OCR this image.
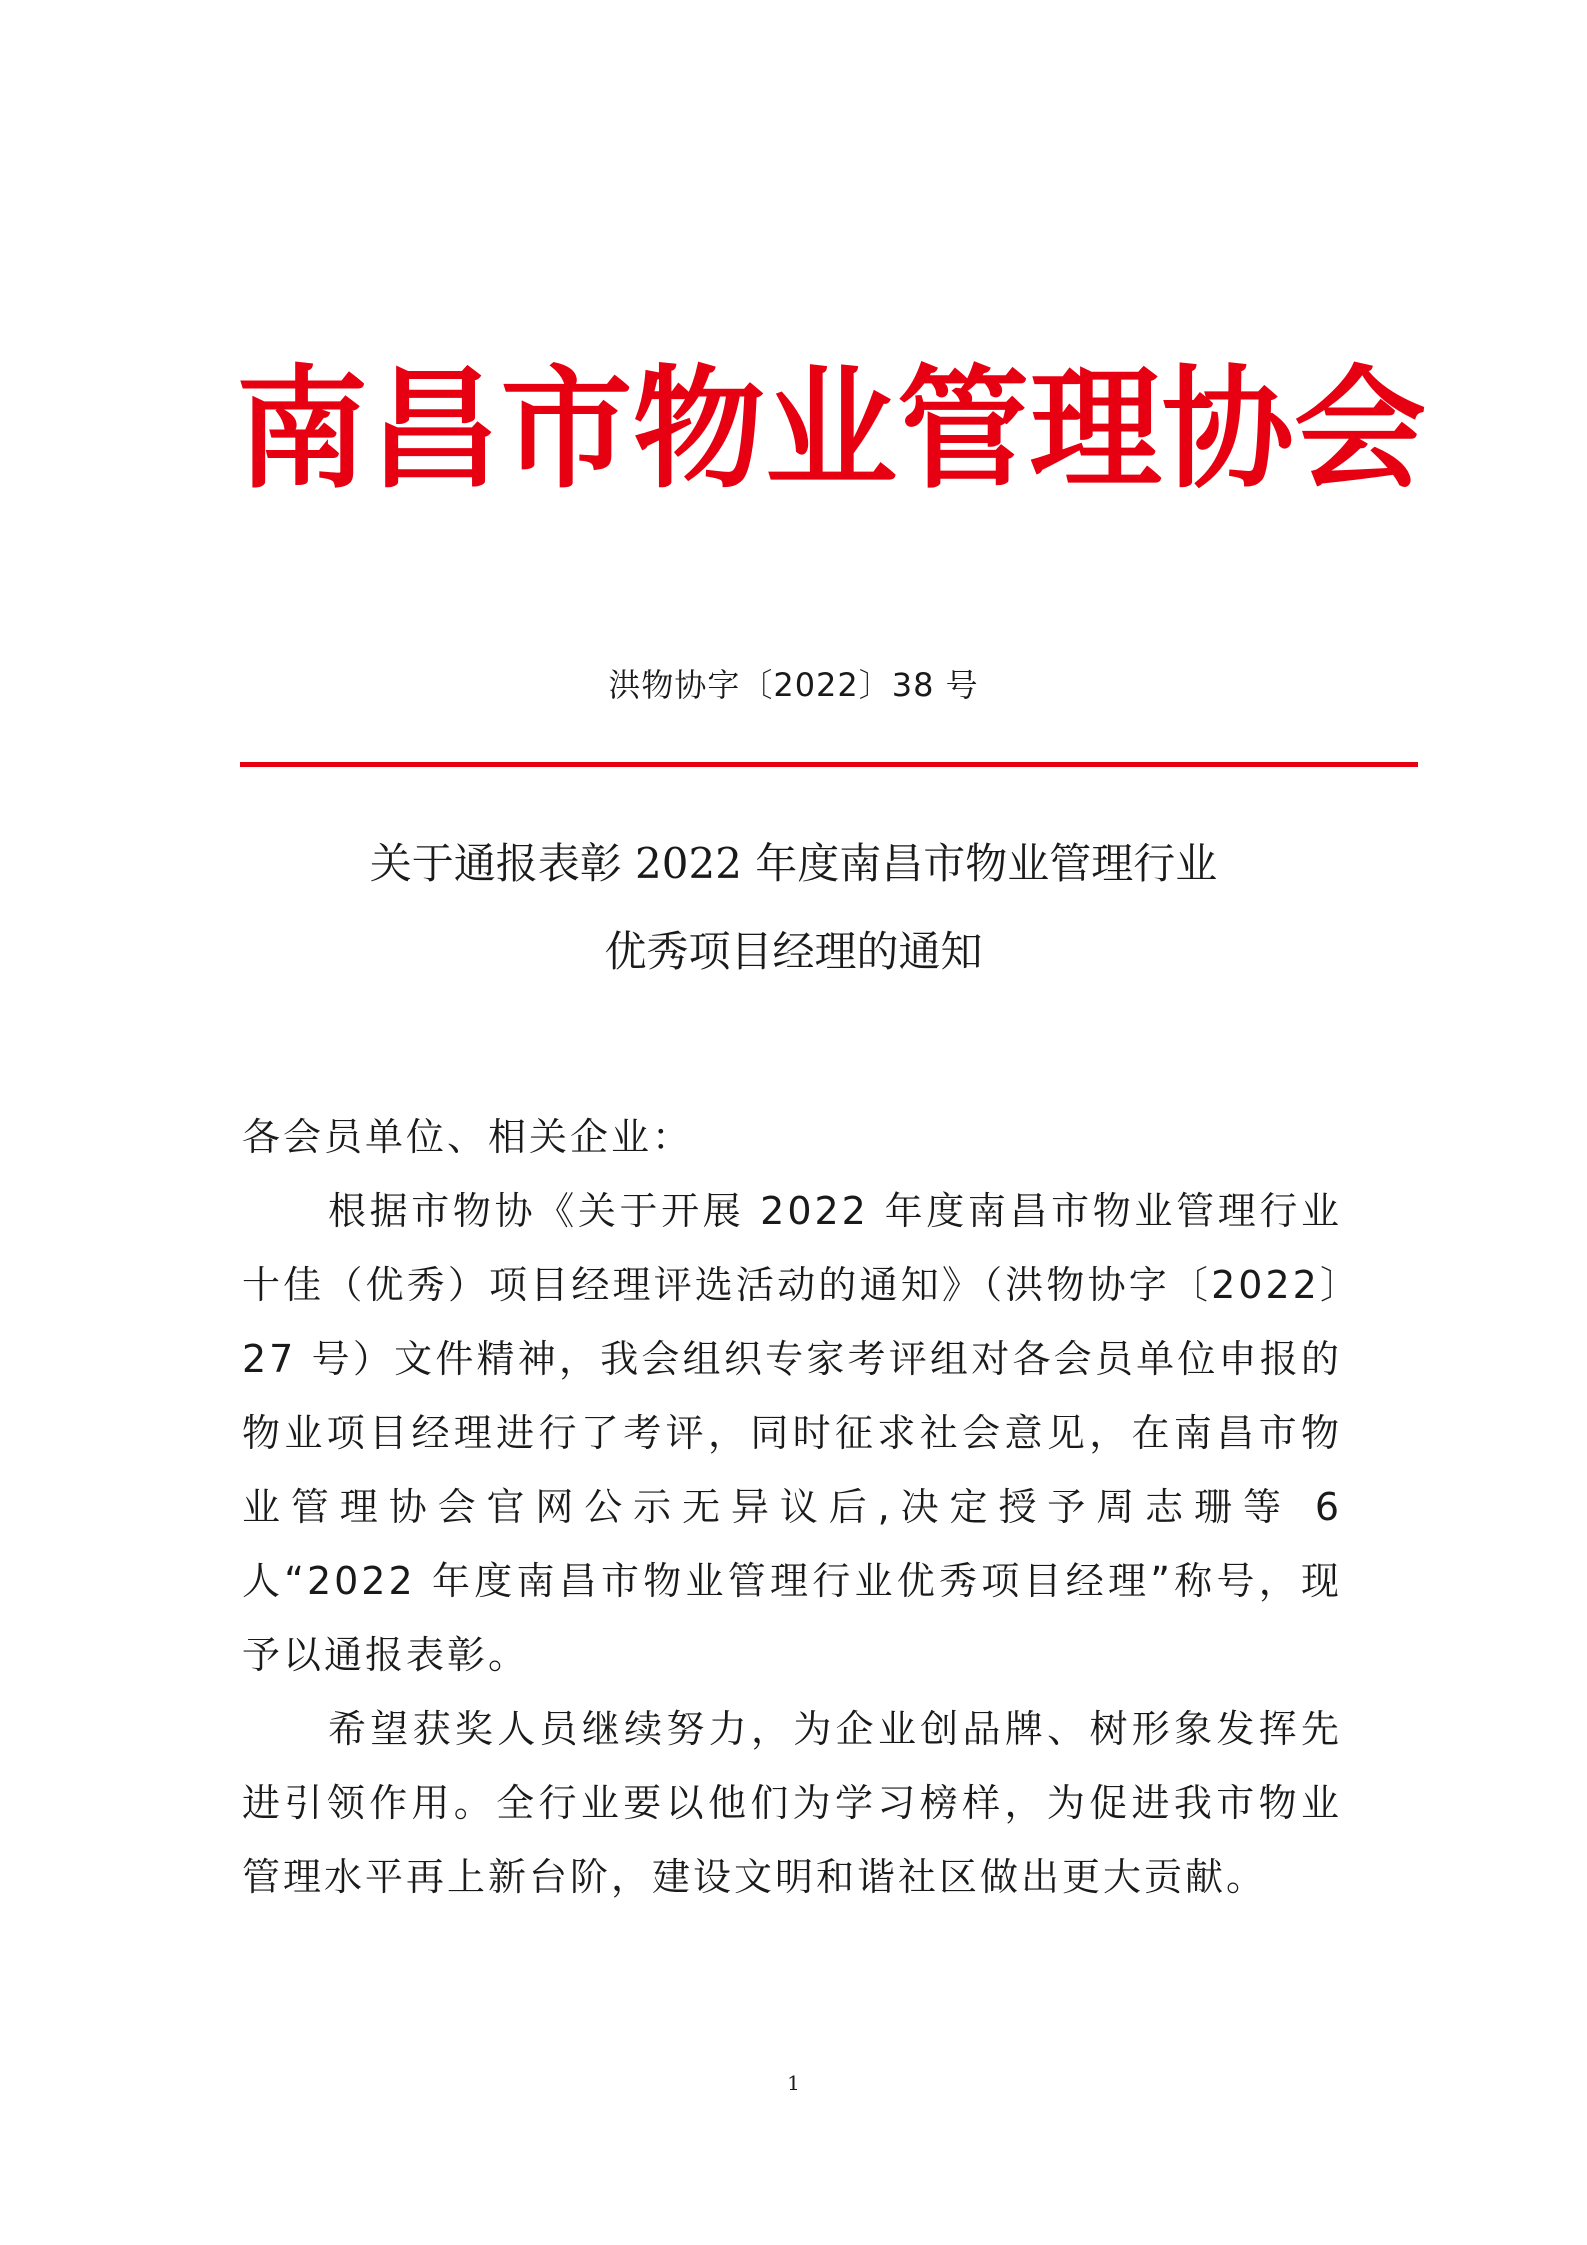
南昌市物业管理协会
洪物协字〔2022〕38 号
关于通报表彰 2022 年度南昌市物业管理行业
优秀项目经理的通知

各会员单位、相关企业：

根据市物协《关于开展 2022 年度南昌市物业管理行业十佳（优秀）项目经理评选活动的通知》（洪物协字〔2022〕27 号）文件精神，我会组织专家考评组对各会员单位申报的物业项目经理进行了考评，同时征求社会意见，在南昌市物业管理协会官网公示无异议后,决定授予周志珊等 6 人“2022 年度南昌市物业管理行业优秀项目经理”称号，现予以通报表彰。

希望获奖人员继续努力，为企业创品牌、树形象发挥先进引领作用。全行业要以他们为学习榜样，为促进我市物业管理水平再上新台阶，建设文明和谐社区做出更大贡献。

1
